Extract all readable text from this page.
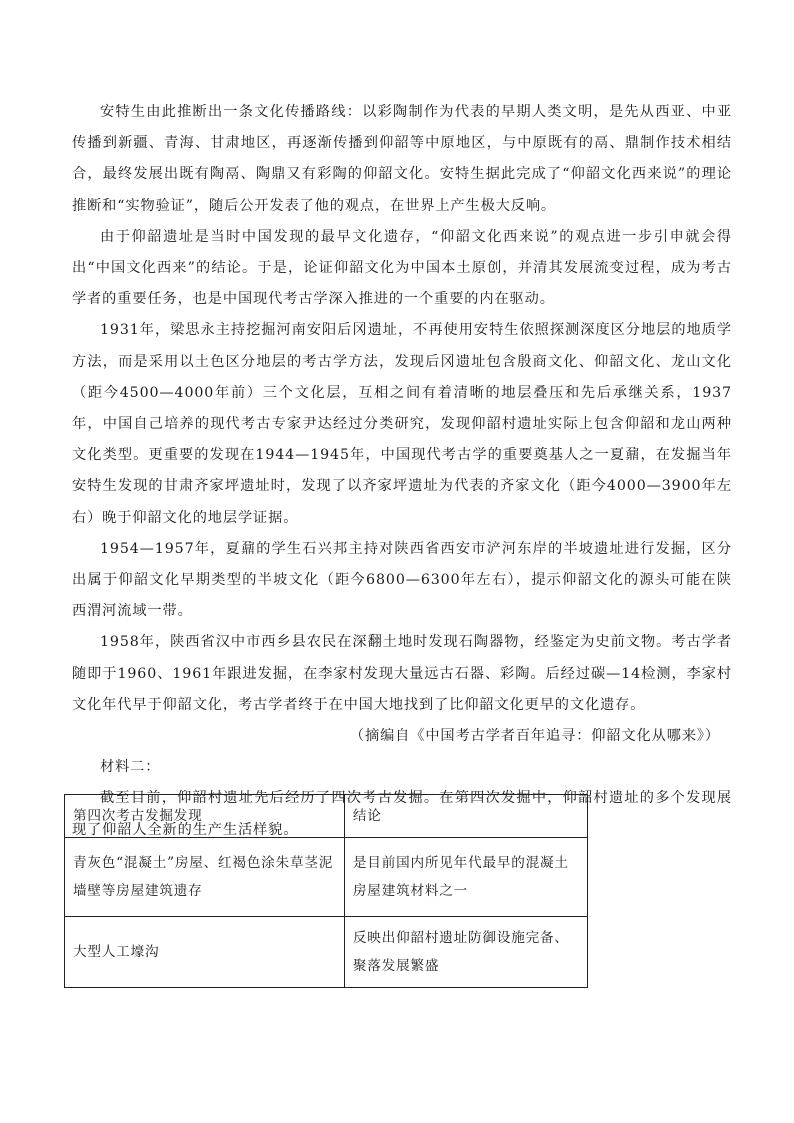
安特生由此推断出一条文化传播路线：以彩陶制作为代表的早期人类文明，是先从西亚、中亚传播到新疆、青海、甘肃地区，再逐渐传播到仰韶等中原地区，与中原既有的鬲、鼎制作技术相结合，最终发展出既有陶鬲、陶鼎又有彩陶的仰韶文化。安特生据此完成了“仰韶文化西来说”的理论推断和“实物验证”，随后公开发表了他的观点，在世界上产生极大反响。

由于仰韶遗址是当时中国发现的最早文化遗存，“仰韶文化西来说”的观点进一步引申就会得出“中国文化西来”的结论。于是，论证仰韶文化为中国本土原创，并清其发展流变过程，成为考古学者的重要任务，也是中国现代考古学深入推进的一个重要的内在驱动。

1931年，梁思永主持挖掘河南安阳后冈遗址，不再使用安特生依照探测深度区分地层的地质学方法，而是采用以土色区分地层的考古学方法，发现后冈遗址包含殷商文化、仰韶文化、龙山文化（距今4500—4000年前）三个文化层，互相之间有着清晰的地层叠压和先后承继关系，1937年，中国自己培养的现代考古专家尹达经过分类研究，发现仰韶村遗址实际上包含仰韶和龙山两种文化类型。更重要的发现在1944—1945年，中国现代考古学的重要奠基人之一夏鼐，在发掘当年安特生发现的甘肃齐家坪遗址时，发现了以齐家坪遗址为代表的齐家文化（距今4000—3900年左右）晚于仰韶文化的地层学证据。

1954—1957年，夏鼐的学生石兴邦主持对陕西省西安市浐河东岸的半坡遗址进行发掘，区分出属于仰韶文化早期类型的半坡文化（距今6800—6300年左右），提示仰韶文化的源头可能在陕西渭河流域一带。

1958年，陕西省汉中市西乡县农民在深翻土地时发现石陶器物，经鉴定为史前文物。考古学者随即于1960、1961年跟进发掘，在李家村发现大量远古石器、彩陶。后经过碳—14检测，李家村文化年代早于仰韶文化，考古学者终于在中国大地找到了比仰韶文化更早的文化遗存。

（摘编自《中国考古学者百年追寻：仰韶文化从哪来》）

材料二：

截至目前，仰韶村遗址先后经历了四次考古发掘。在第四次发掘中，仰韶村遗址的多个发现展现了仰韶人全新的生产生活样貌。

第四次考古发掘发现	结论
青灰色“混凝土”房屋、红褐色涂朱草茎泥墙壁等房屋建筑遗存	是目前国内所见年代最早的混凝土房屋建筑材料之一
大型人工壕沟	反映出仰韶村遗址防御设施完备、聚落发展繁盛
